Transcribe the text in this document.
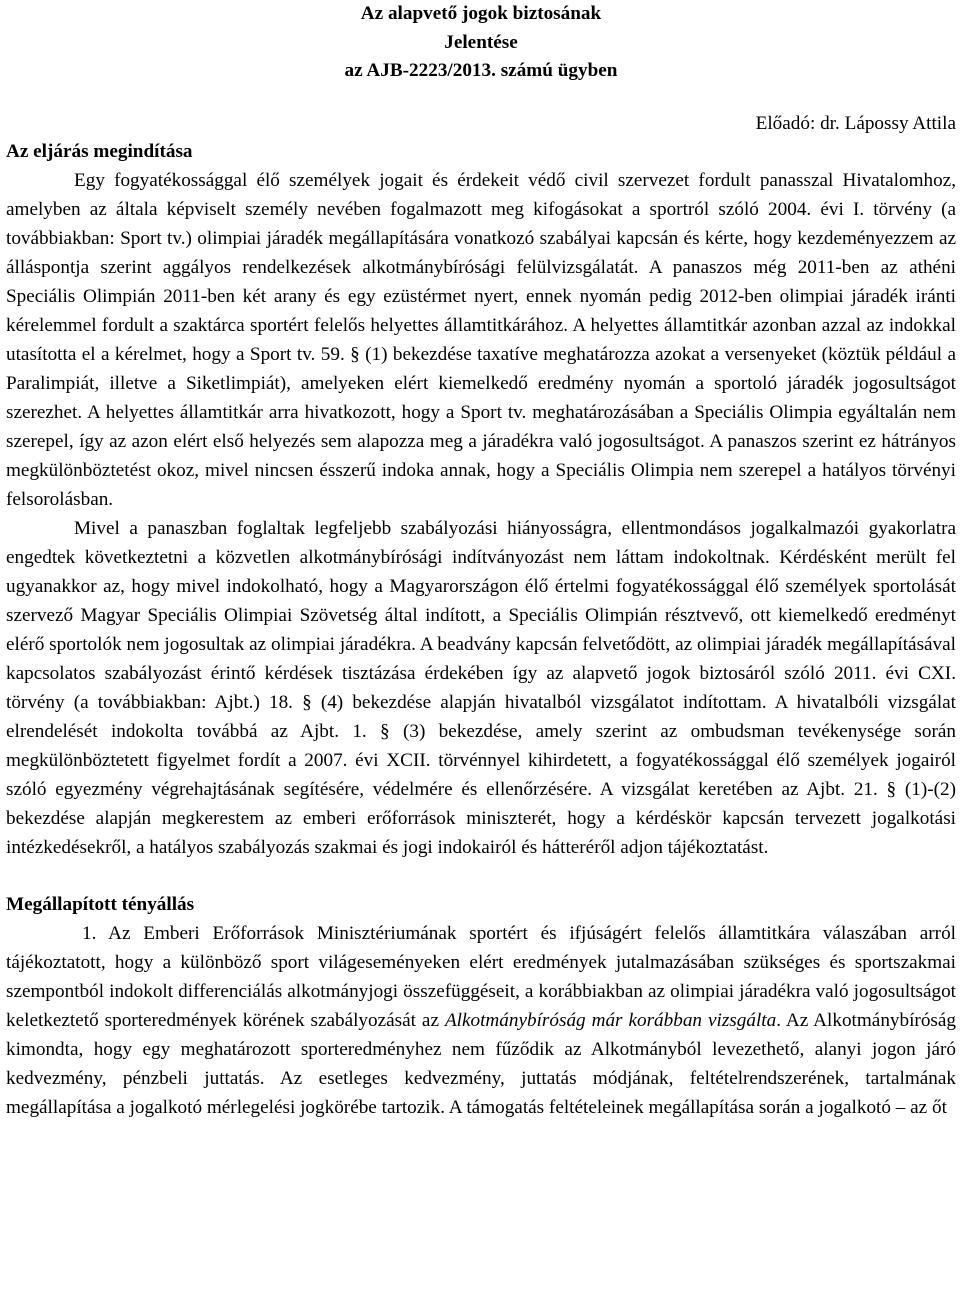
Az alapvető jogok biztosának
Jelentése
az AJB-2223/2013. számú ügyben

Előadó: dr. Lápossy Attila

Az eljárás megindítása

Egy fogyatékossággal élő személyek jogait és érdekeit védő civil szervezet fordult panasszal Hivatalomhoz, amelyben az általa képviselt személy nevében fogalmazott meg kifogásokat a sportról szóló 2004. évi I. törvény (a továbbiakban: Sport tv.) olimpiai járadék megállapítására vonatkozó szabályai kapcsán és kérte, hogy kezdeményezzem az álláspontja szerint aggályos rendelkezések alkotmánybírósági felülvizsgálatát. A panaszos még 2011-ben az athéni Speciális Olimpián 2011-ben két arany és egy ezüstérmet nyert, ennek nyomán pedig 2012-ben olimpiai járadék iránti kérelemmel fordult a szaktárca sportért felelős helyettes államtitkárához. A helyettes államtitkár azonban azzal az indokkal utasította el a kérelmet, hogy a Sport tv. 59. § (1) bekezdése taxatíve meghatározza azokat a versenyeket (köztük például a Paralimpiát, illetve a Siketlimpiát), amelyeken elért kiemelkedő eredmény nyomán a sportoló járadék jogosultságot szerezhet. A helyettes államtitkár arra hivatkozott, hogy a Sport tv. meghatározásában a Speciális Olimpia egyáltalán nem szerepel, így az azon elért első helyezés sem alapozza meg a járadékra való jogosultságot. A panaszos szerint ez hátrányos megkülönböztetést okoz, mivel nincsen ésszerű indoka annak, hogy a Speciális Olimpia nem szerepel a hatályos törvényi felsorolásban.

Mivel a panaszban foglaltak legfeljebb szabályozási hiányosságra, ellentmondásos jogalkalmazói gyakorlatra engedtek következtetni a közvetlen alkotmánybírósági indítványozást nem láttam indokoltnak. Kérdésként merült fel ugyanakkor az, hogy mivel indokolható, hogy a Magyarországon élő értelmi fogyatékossággal élő személyek sportolását szervező Magyar Speciális Olimpiai Szövetség által indított, a Speciális Olimpián résztvevő, ott kiemelkedő eredményt elérő sportolók nem jogosultak az olimpiai járadékra. A beadvány kapcsán felvetődött, az olimpiai járadék megállapításával kapcsolatos szabályozást érintő kérdések tisztázása érdekében így az alapvető jogok biztosáról szóló 2011. évi CXI. törvény (a továbbiakban: Ajbt.) 18. § (4) bekezdése alapján hivatalból vizsgálatot indítottam. A hivatalbóli vizsgálat elrendelését indokolta továbbá az Ajbt. 1. § (3) bekezdése, amely szerint az ombudsman tevékenysége során megkülönböztetett figyelmet fordít a 2007. évi XCII. törvénnyel kihirdetett, a fogyatékossággal élő személyek jogairól szóló egyezmény végrehajtásának segítésére, védelmére és ellenőrzésére. A vizsgálat keretében az Ajbt. 21. § (1)-(2) bekezdése alapján megkerestem az emberi erőforrások miniszterét, hogy a kérdéskör kapcsán tervezett jogalkotási intézkedésekről, a hatályos szabályozás szakmai és jogi indokairól és hátteréről adjon tájékoztatást.

Megállapított tényállás

1. Az Emberi Erőforrások Minisztériumának sportért és ifjúságért felelős államtitkára válaszában arról tájékoztatott, hogy a különböző sport világeseményeken elért eredmények jutalmazásában szükséges és sportszakmai szempontból indokolt differenciálás alkotmányjogi összefüggéseit, a korábbiakban az olimpiai járadékra való jogosultságot keletkeztető sporteredmények körének szabályozását az Alkotmánybíróság már korábban vizsgálta. Az Alkotmánybíróság kimondta, hogy egy meghatározott sporteredményhez nem fűződik az Alkotmányból levezethető, alanyi jogon járó kedvezmény, pénzbeli juttatás. Az esetleges kedvezmény, juttatás módjának, feltételrendszerének, tartalmának megállapítása a jogalkotó mérlegelési jogkörébe tartozik. A támogatás feltételeinek megállapítása során a jogalkotó – az őt
